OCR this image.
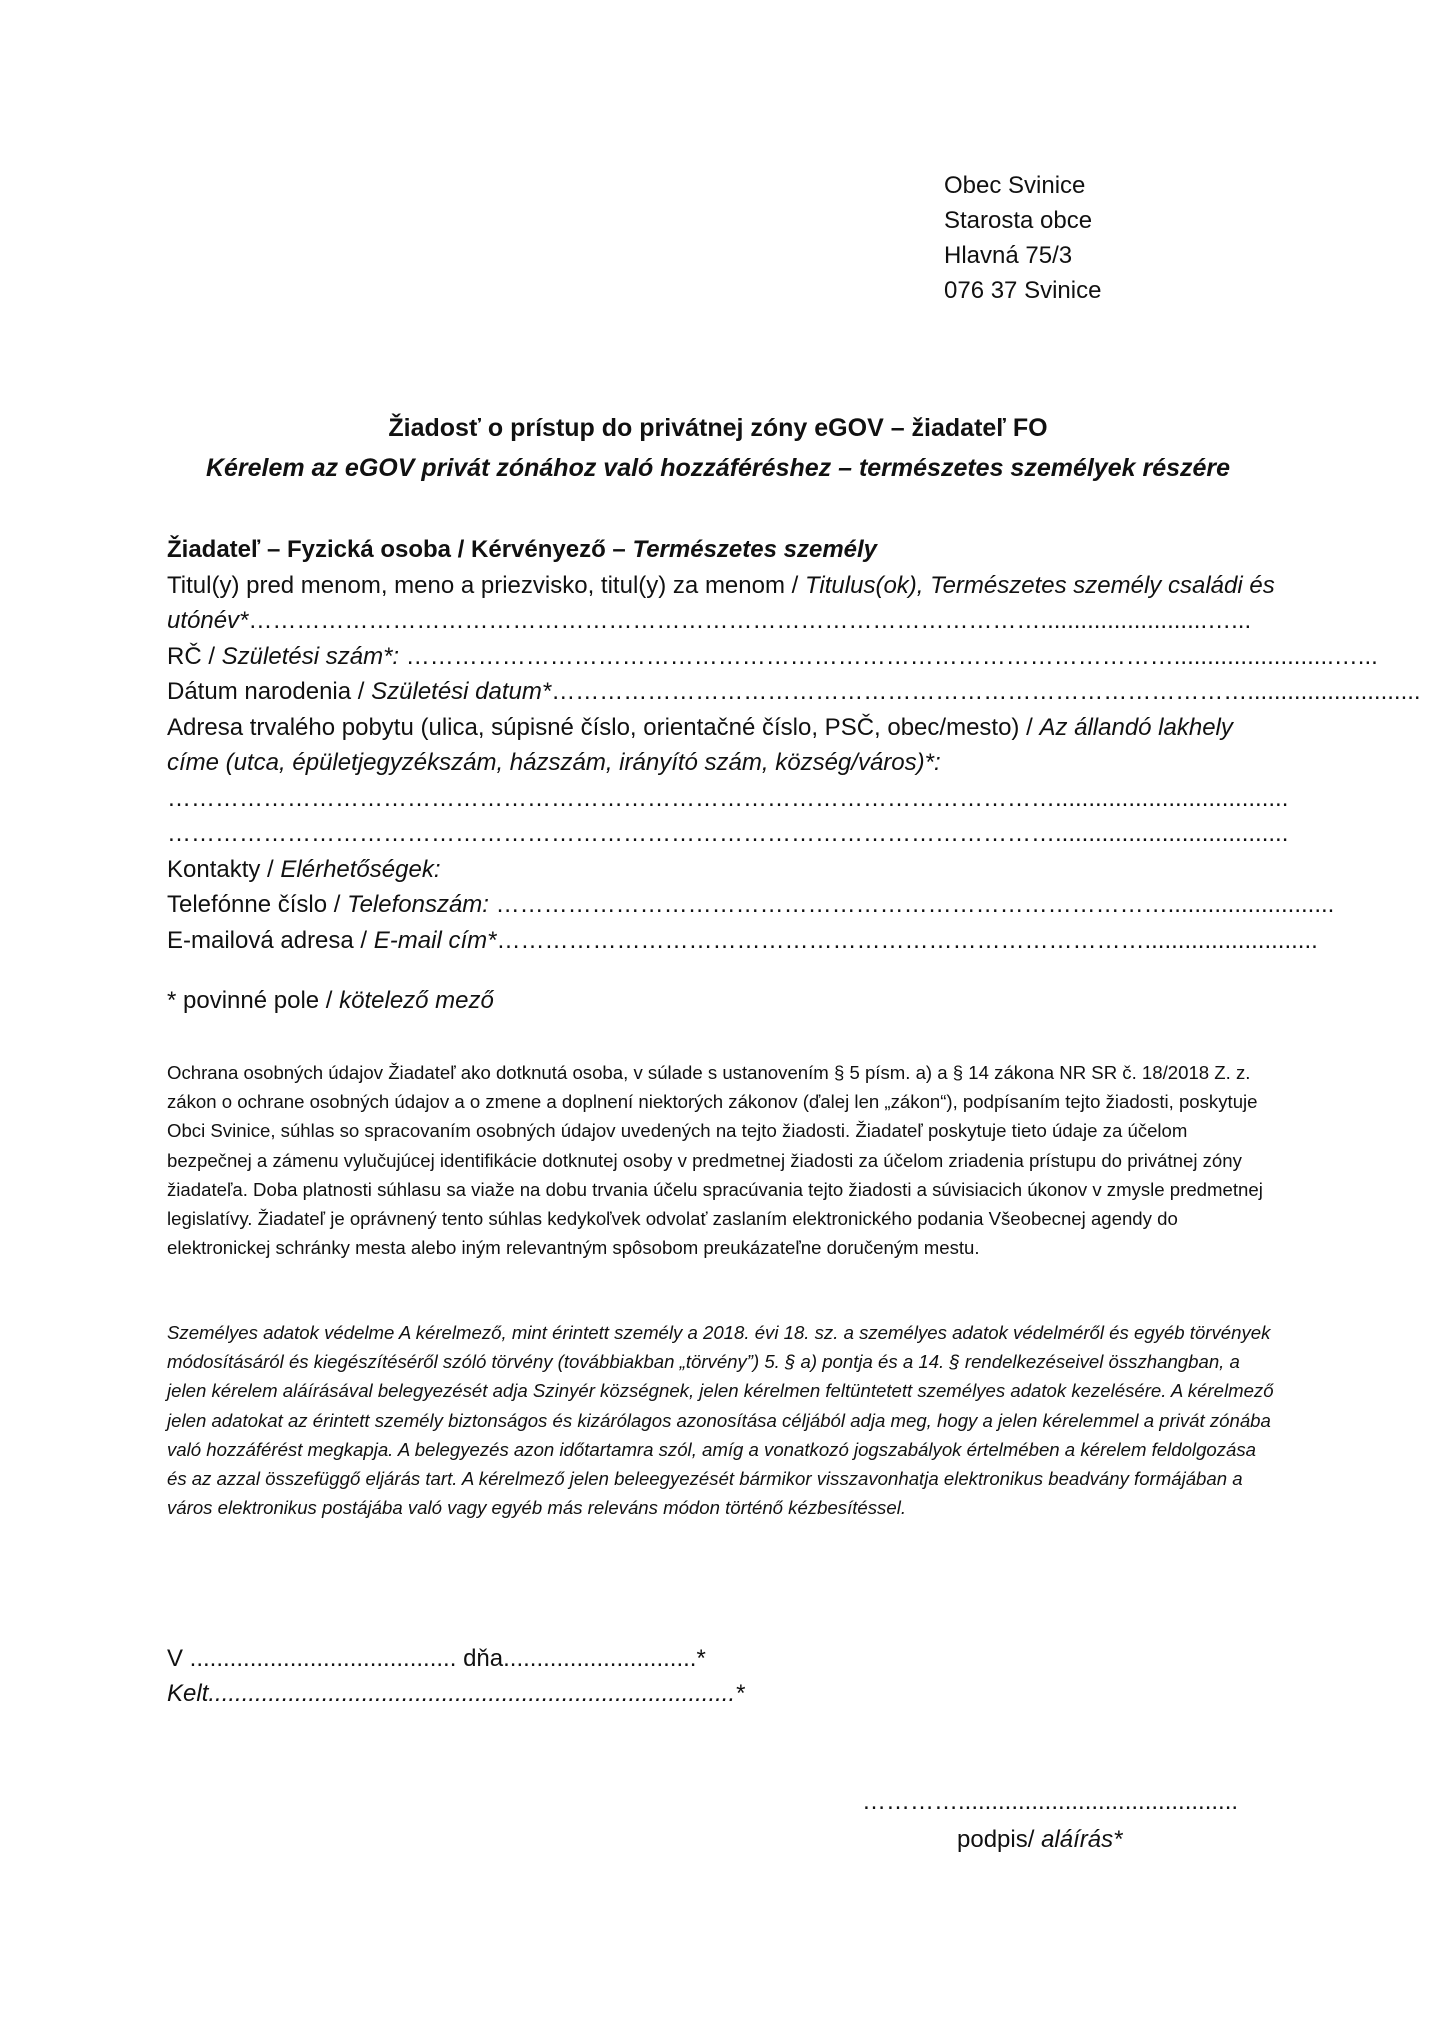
Obec Svinice
Starosta obce
Hlavná 75/3
076 37 Svinice
Žiadosť o prístup do privátnej zóny eGOV – žiadateľ FO
Kérelem az eGOV privát zónához való hozzáféréshez – természetes személyek részére
Žiadateľ – Fyzická osoba / Kérvényező – Természetes személy
Titul(y) pred menom, meno a priezvisko, titul(y) za menom / Titulus(ok), Természetes személy családi és utónév*……………………………………………………………………………………….........................…...
RČ / Születési szám*: ……………………………………………………………………………………........................…...
Dátum narodenia / Születési datum*……………………………………………………………………………..........................
Adresa trvalého pobytu (ulica, súpisné číslo, orientačné číslo, PSČ, obec/mesto) / Az állandó lakhely címe (utca, épületjegyzékszám, házszám, irányító szám, község/város)*:
…………………………………………………………………………………………………...................................
…………………………………………………………………………………………………...................................
Kontakty / Elérhetőségek:
Telefónne číslo / Telefonszám: ………………………………………………………………………….........................
E-mailová adresa / E-mail cím*………………………………………………………………………..........................
* povinné pole / kötelező mező
Ochrana osobných údajov Žiadateľ ako dotknutá osoba, v súlade s ustanovením § 5 písm. a) a § 14 zákona NR SR č. 18/2018 Z. z. zákon o ochrane osobných údajov a o zmene a doplnení niektorých zákonov (ďalej len „zákon“), podpísaním tejto žiadosti, poskytuje Obci Svinice, súhlas so spracovaním osobných údajov uvedených na tejto žiadosti. Žiadateľ poskytuje tieto údaje za účelom bezpečnej a zámenu vylučujúcej identifikácie dotknutej osoby v predmetnej žiadosti za účelom zriadenia prístupu do privátnej zóny žiadateľa. Doba platnosti súhlasu sa viaže na dobu trvania účelu spracúvania tejto žiadosti a súvisiacich úkonov v zmysle predmetnej legislatívy. Žiadateľ je oprávnený tento súhlas kedykoľvek odvolať zaslaním elektronického podania Všeobecnej agendy do elektronickej schránky mesta alebo iným relevantným spôsobom preukázateľne doručeným mestu.
Személyes adatok védelme A kérelmező, mint érintett személy a 2018. évi 18. sz. a személyes adatok védelméről és egyéb törvények módosításáról és kiegészítéséről szóló törvény (továbbiakban „törvény”) 5. § a) pontja és a 14. § rendelkezéseivel összhangban, a jelen kérelem aláírásával belegyezését adja Szinyér községnek, jelen kérelmen feltüntetett személyes adatok kezelésére. A kérelmező jelen adatokat az érintett személy biztonságos és kizárólagos azonosítása céljából adja meg, hogy a jelen kérelemmel a privát zónába való hozzáférést megkapja. A belegyezés azon időtartamra szól, amíg a vonatkozó jogszabályok értelmében a kérelem feldolgozása és az azzal összefüggő eljárás tart. A kérelmező jelen beleegyezését bármikor visszavonhatja elektronikus beadvány formájában a város elektronikus postájába való vagy egyéb más releváns módon történő kézbesítéssel.
V ........................................ dňa.............................*
Kelt...............................................................................*
…………..........................................
podpis/ aláírás*
